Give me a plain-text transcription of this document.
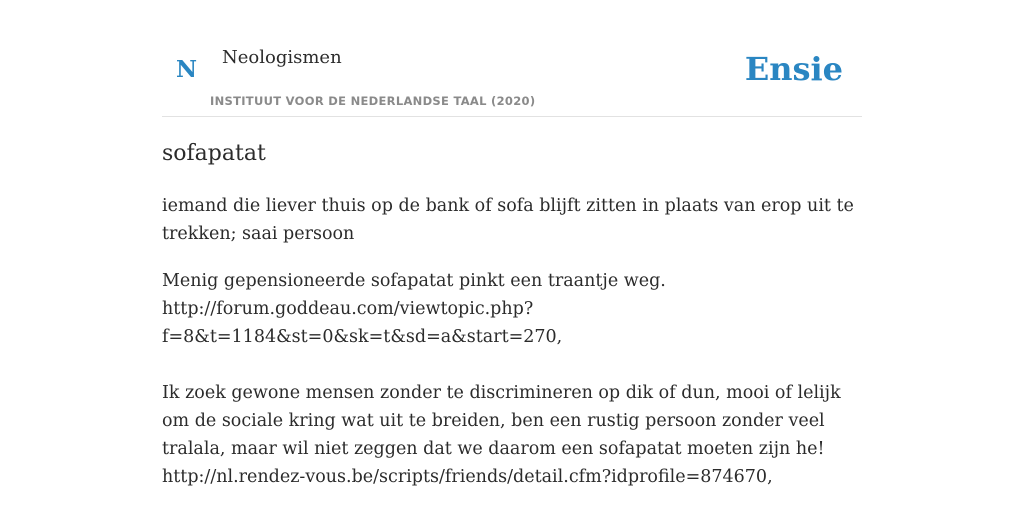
N Neologismen
INSTITUUT VOOR DE NEDERLANDSE TAAL (2020)
Ensie
sofapatat

iemand die liever thuis op de bank of sofa blijft zitten in plaats van erop uit te trekken; saai persoon

Menig gepensioneerde sofapatat pinkt een traantje weg.
http://forum.goddeau.com/viewtopic.php?
f=8&t=1184&st=0&sk=t&sd=a&start=270,

Ik zoek gewone mensen zonder te discrimineren op dik of dun, mooi of lelijk om de sociale kring wat uit te breiden, ben een rustig persoon zonder veel tralala, maar wil niet zeggen dat we daarom een sofapatat moeten zijn he!
http://nl.rendez-vous.be/scripts/friends/detail.cfm?idprofile=874670,
